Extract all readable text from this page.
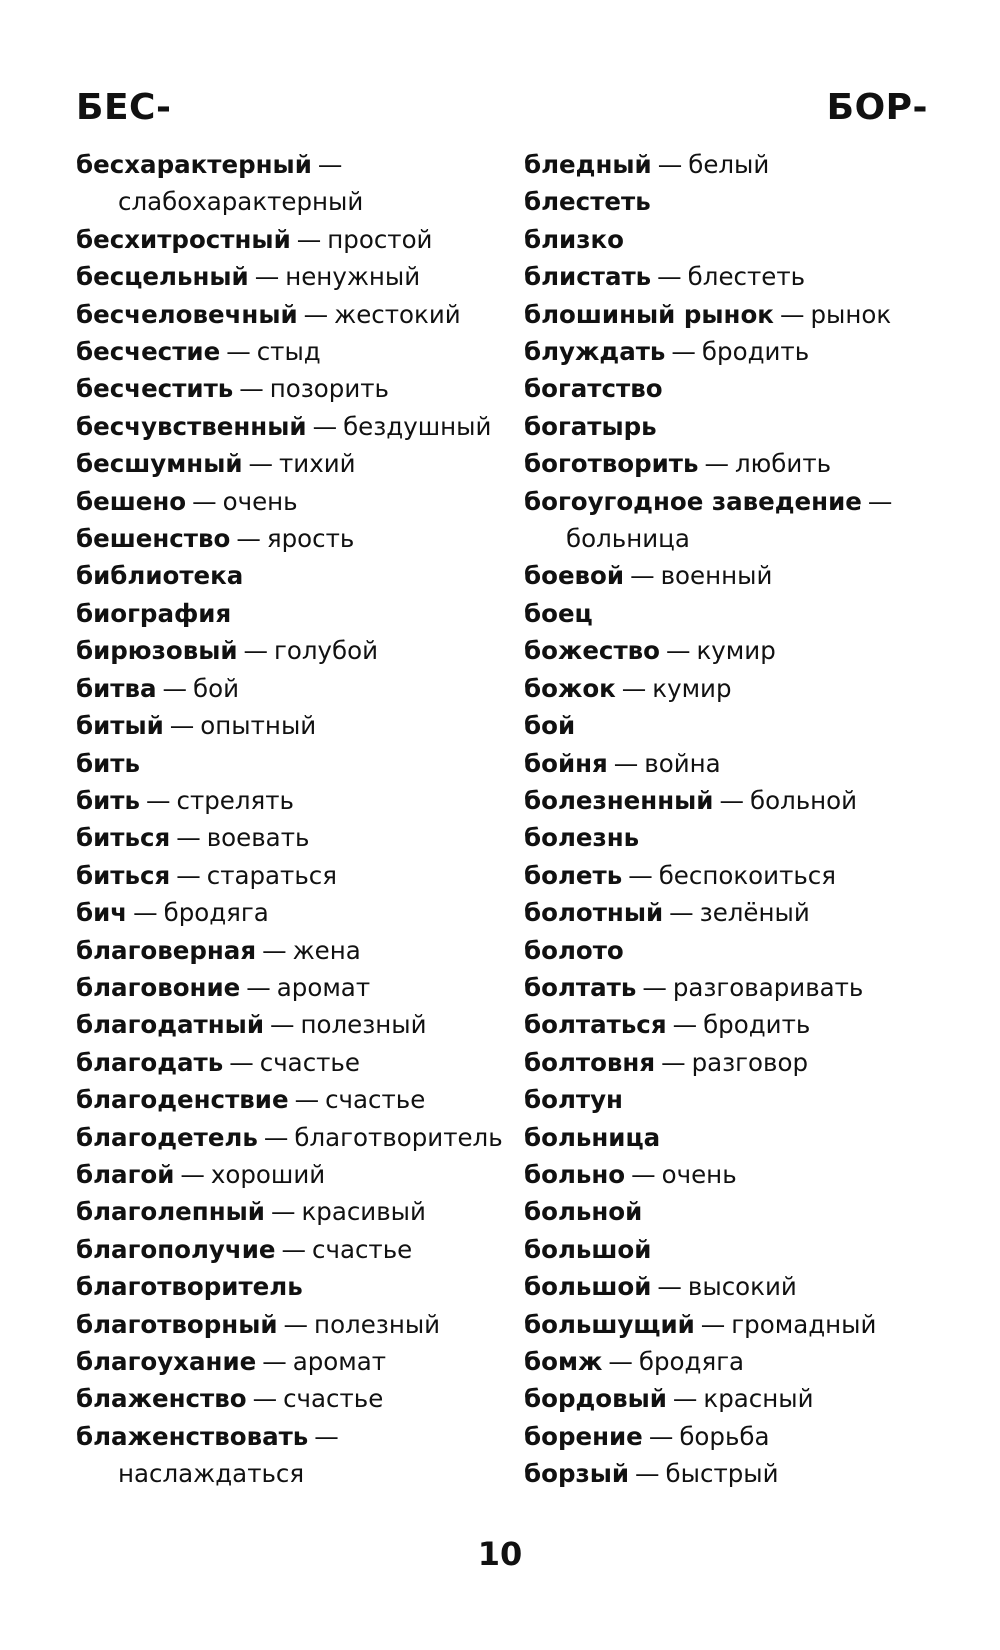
БЕС-	БОР-
бесхарактерный —
слабохарактерный
бесхитростный — простой
бесцельный — ненужный
бесчеловечный — жестокий
бесчестие — стыд
бесчестить — позорить
бесчувственный — бездушный
бесшумный — тихий
бешено — очень
бешенство — ярость
библиотека
биография
бирюзовый — голубой
битва — бой
битый — опытный
бить
бить — стрелять
биться — воевать
биться — стараться
бич — бродяга
благоверная — жена
благовоние — аромат
благодатный — полезный
благодать — счастье
благоденствие — счастье
благодетель — благотворитель
благой — хороший
благолепный — красивый
благополучие — счастье
благотворитель
благотворный — полезный
благоухание — аромат
блаженство — счастье
блаженствовать —
наслаждаться
бледный — белый
блестеть
близко
блистать — блестеть
блошиный рынок — рынок
блуждать — бродить
богатство
богатырь
боготворить — любить
богоугодное заведение —
больница
боевой — военный
боец
божество — кумир
божок — кумир
бой
бойня — война
болезненный — больной
болезнь
болеть — беспокоиться
болотный — зелёный
болото
болтать — разговаривать
болтаться — бродить
болтовня — разговор
болтун
больница
больно — очень
больной
большой
большой — высокий
большущий — громадный
бомж — бродяга
бордовый — красный
борение — борьба
борзый — быстрый
10
